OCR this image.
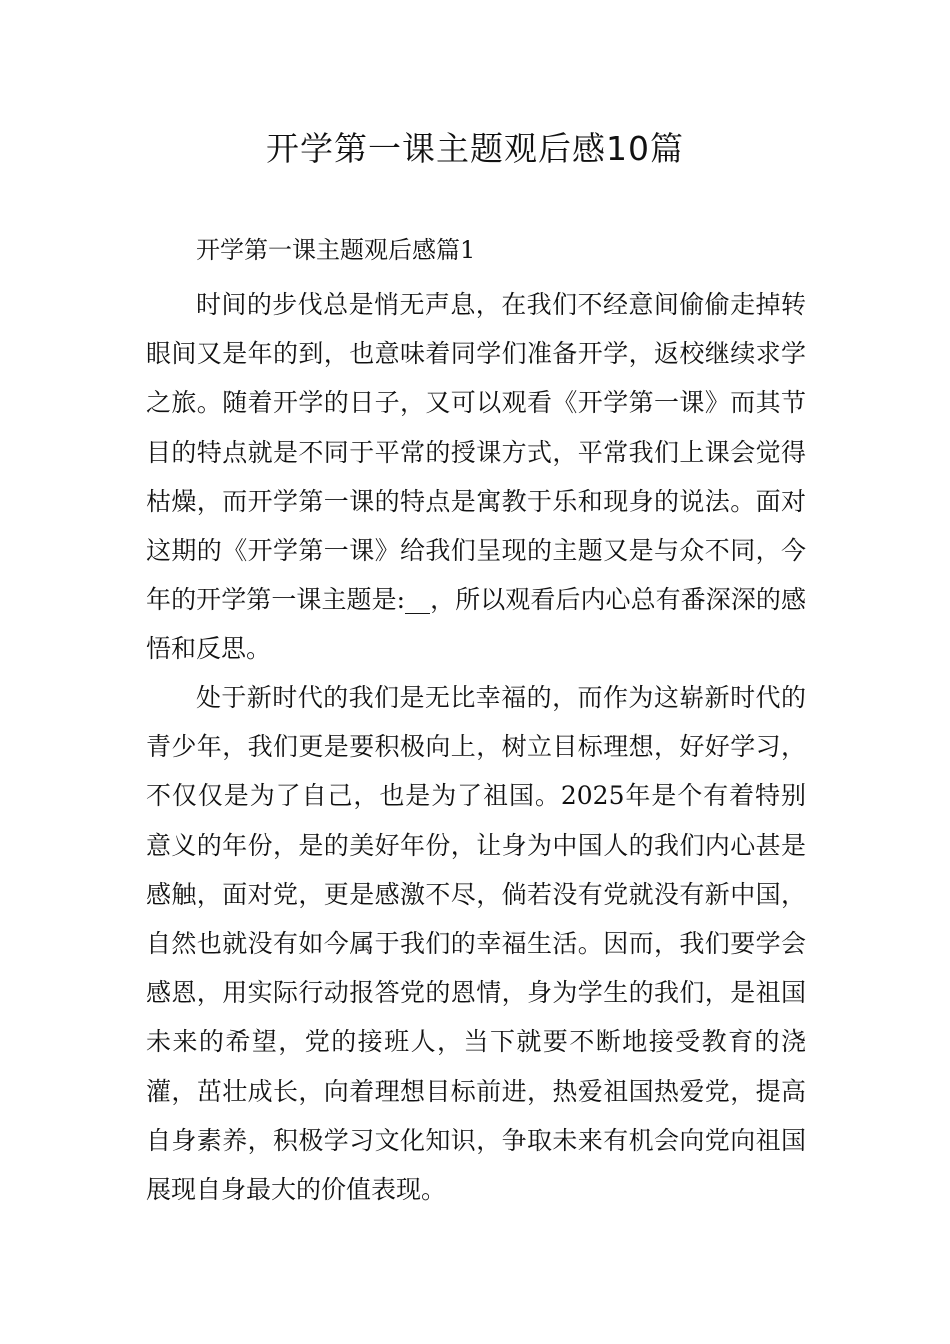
开学第一课主题观后感10篇
开学第一课主题观后感篇1

时间的步伐总是悄无声息，在我们不经意间偷偷走掉转眼间又是年的到，也意味着同学们准备开学，返校继续求学之旅。随着开学的日子，又可以观看《开学第一课》而其节目的特点就是不同于平常的授课方式，平常我们上课会觉得枯燥，而开学第一课的特点是寓教于乐和现身的说法。面对这期的《开学第一课》给我们呈现的主题又是与众不同，今年的开学第一课主题是:__，所以观看后内心总有番深深的感悟和反思。

处于新时代的我们是无比幸福的，而作为这崭新时代的青少年，我们更是要积极向上，树立目标理想，好好学习，不仅仅是为了自己，也是为了祖国。2025年是个有着特别意义的年份，是的美好年份，让身为中国人的我们内心甚是感触，面对党，更是感激不尽，倘若没有党就没有新中国，自然也就没有如今属于我们的幸福生活。因而，我们要学会感恩，用实际行动报答党的恩情，身为学生的我们，是祖国未来的希望，党的接班人，当下就要不断地接受教育的浇灌，茁壮成长，向着理想目标前进，热爱祖国热爱党，提高自身素养，积极学习文化知识，争取未来有机会向党向祖国展现自身最大的价值表现。
